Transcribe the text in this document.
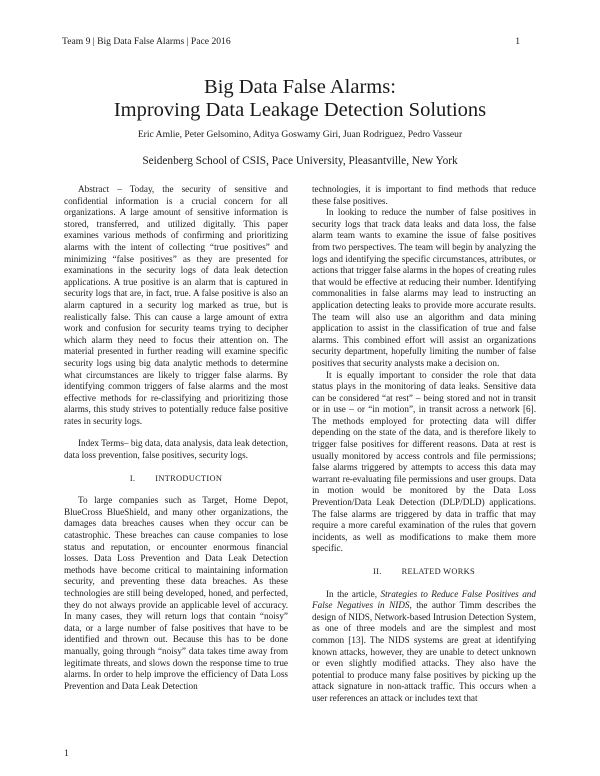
Team 9 | Big Data False Alarms | Pace 2016	1
Big Data False Alarms:
Improving Data Leakage Detection Solutions
Eric Amlie, Peter Gelsomino, Aditya Goswamy Giri, Juan Rodriguez, Pedro Vasseur
Seidenberg School of CSIS, Pace University, Pleasantville, New York

Abstract – Today, the security of sensitive and confidential information is a crucial concern for all organizations. A large amount of sensitive information is stored, transferred, and utilized digitally. This paper examines various methods of confirming and prioritizing alarms with the intent of collecting “true positives” and minimizing “false positives” as they are presented for examinations in the security logs of data leak detection applications. A true positive is an alarm that is captured in security logs that are, in fact, true. A false positive is also an alarm captured in a security log marked as true, but is realistically false. This can cause a large amount of extra work and confusion for security teams trying to decipher which alarm they need to focus their attention on. The material presented in further reading will examine specific security logs using big data analytic methods to determine what circumstances are likely to trigger false alarms. By identifying common triggers of false alarms and the most effective methods for re-classifying and prioritizing those alarms, this study strives to potentially reduce false positive rates in security logs.

Index Terms– big data, data analysis, data leak detection, data loss prevention, false positives, security logs.

I. INTRODUCTION

To large companies such as Target, Home Depot, BlueCross BlueShield, and many other organizations, the damages data breaches causes when they occur can be catastrophic. These breaches can cause companies to lose status and reputation, or encounter enormous financial losses. Data Loss Prevention and Data Leak Detection methods have become critical to maintaining information security, and preventing these data breaches. As these technologies are still being developed, honed, and perfected, they do not always provide an applicable level of accuracy. In many cases, they will return logs that contain “noisy” data, or a large number of false positives that have to be identified and thrown out. Because this has to be done manually, going through “noisy” data takes time away from legitimate threats, and slows down the response time to true alarms. In order to help improve the efficiency of Data Loss Prevention and Data Leak Detection

technologies, it is important to find methods that reduce these false positives.

In looking to reduce the number of false positives in security logs that track data leaks and data loss, the false alarm team wants to examine the issue of false positives from two perspectives. The team will begin by analyzing the logs and identifying the specific circumstances, attributes, or actions that trigger false alarms in the hopes of creating rules that would be effective at reducing their number. Identifying commonalities in false alarms may lead to instructing an application detecting leaks to provide more accurate results. The team will also use an algorithm and data mining application to assist in the classification of true and false alarms. This combined effort will assist an organizations security department, hopefully limiting the number of false positives that security analysts make a decision on.

It is equally important to consider the role that data status plays in the monitoring of data leaks. Sensitive data can be considered “at rest” – being stored and not in transit or in use – or “in motion”, in transit across a network [6]. The methods employed for protecting data will differ depending on the state of the data, and is therefore likely to trigger false positives for different reasons. Data at rest is usually monitored by access controls and file permissions; false alarms triggered by attempts to access this data may warrant re-evaluating file permissions and user groups. Data in motion would be monitored by the Data Loss Prevention/Data Leak Detection (DLP/DLD) applications. The false alarms are triggered by data in traffic that may require a more careful examination of the rules that govern incidents, as well as modifications to make them more specific.

II. RELATED WORKS

In the article, Strategies to Reduce False Positives and False Negatives in NIDS, the author Timm describes the design of NIDS, Network-based Intrusion Detection System, as one of three models and are the simplest and most common [13]. The NIDS systems are great at identifying known attacks, however, they are unable to detect unknown or even slightly modified attacks. They also have the potential to produce many false positives by picking up the attack signature in non-attack traffic. This occurs when a user references an attack or includes text that

1
